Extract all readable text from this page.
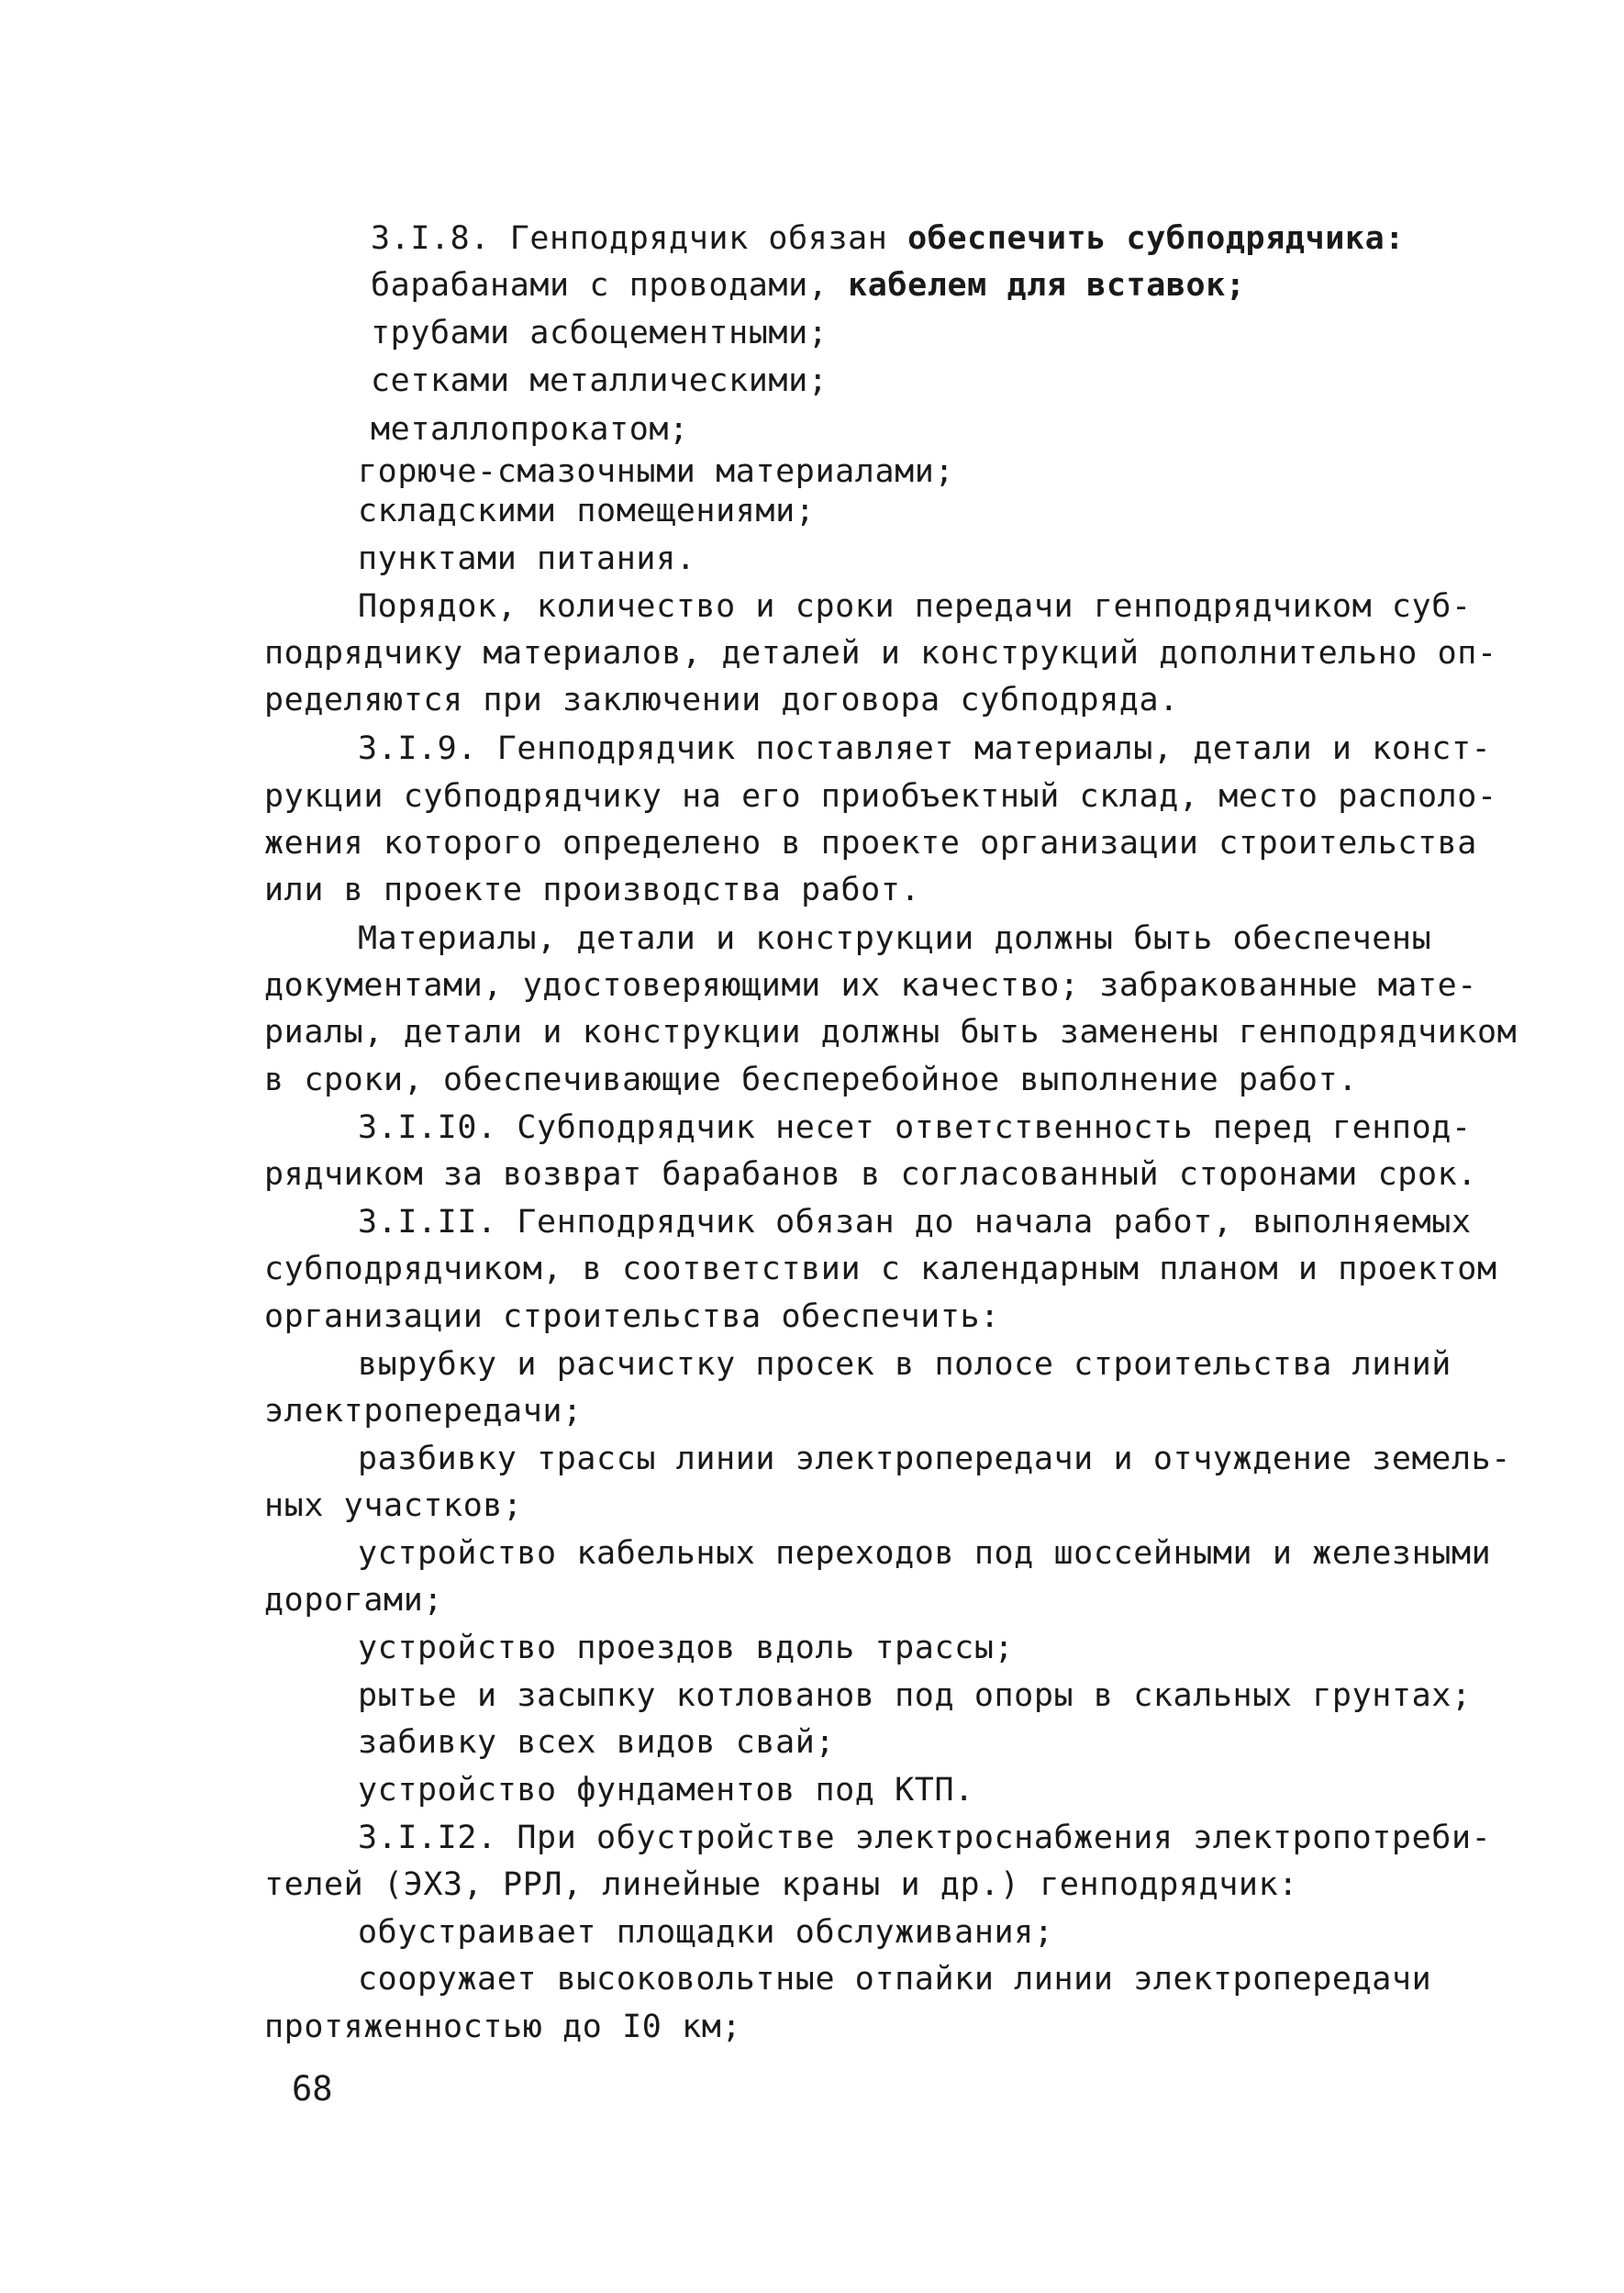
3.I.8. Генподрядчик обязан обеспечить субподрядчика:
барабанами с проводами, кабелем для вставок;
трубами асбоцементными;
сетками металлическими;
металлопрокатом;
горюче-смазочными материалами;
складскими помещениями;
пунктами питания.
Порядок, количество и сроки передачи генподрядчиком суб-
подрядчику материалов, деталей и конструкций дополнительно оп-
ределяются при заключении договора субподряда.
3.I.9. Генподрядчик поставляет материалы, детали и конст-
рукции субподрядчику на его приобъектный склад, место располо-
жения которого определено в проекте организации строительства
или в проекте производства работ.
Материалы, детали и конструкции должны быть обеспечены
документами, удостоверяющими их качество; забракованные мате-
риалы, детали и конструкции должны быть заменены генподрядчиком
в сроки, обеспечивающие бесперебойное выполнение работ.
3.I.I0. Субподрядчик несет ответственность перед генпод-
рядчиком за возврат барабанов в согласованный сторонами срок.
3.I.II. Генподрядчик обязан до начала работ, выполняемых
субподрядчиком, в соответствии с календарным планом и проектом
организации строительства обеспечить:
вырубку и расчистку просек в полосе строительства линий
электропередачи;
разбивку трассы линии электропередачи и отчуждение земель-
ных участков;
устройство кабельных переходов под шоссейными и железными
дорогами;
устройство проездов вдоль трассы;
рытье и засыпку котлованов под опоры в скальных грунтах;
забивку всех видов свай;
устройство фундаментов под КТП.
3.I.I2. При обустройстве электроснабжения электропотреби-
телей (ЭХЗ, РРЛ, линейные краны и др.) генподрядчик:
обустраивает площадки обслуживания;
сооружает высоковольтные отпайки линии электропередачи
протяженностью до I0 км;
68
